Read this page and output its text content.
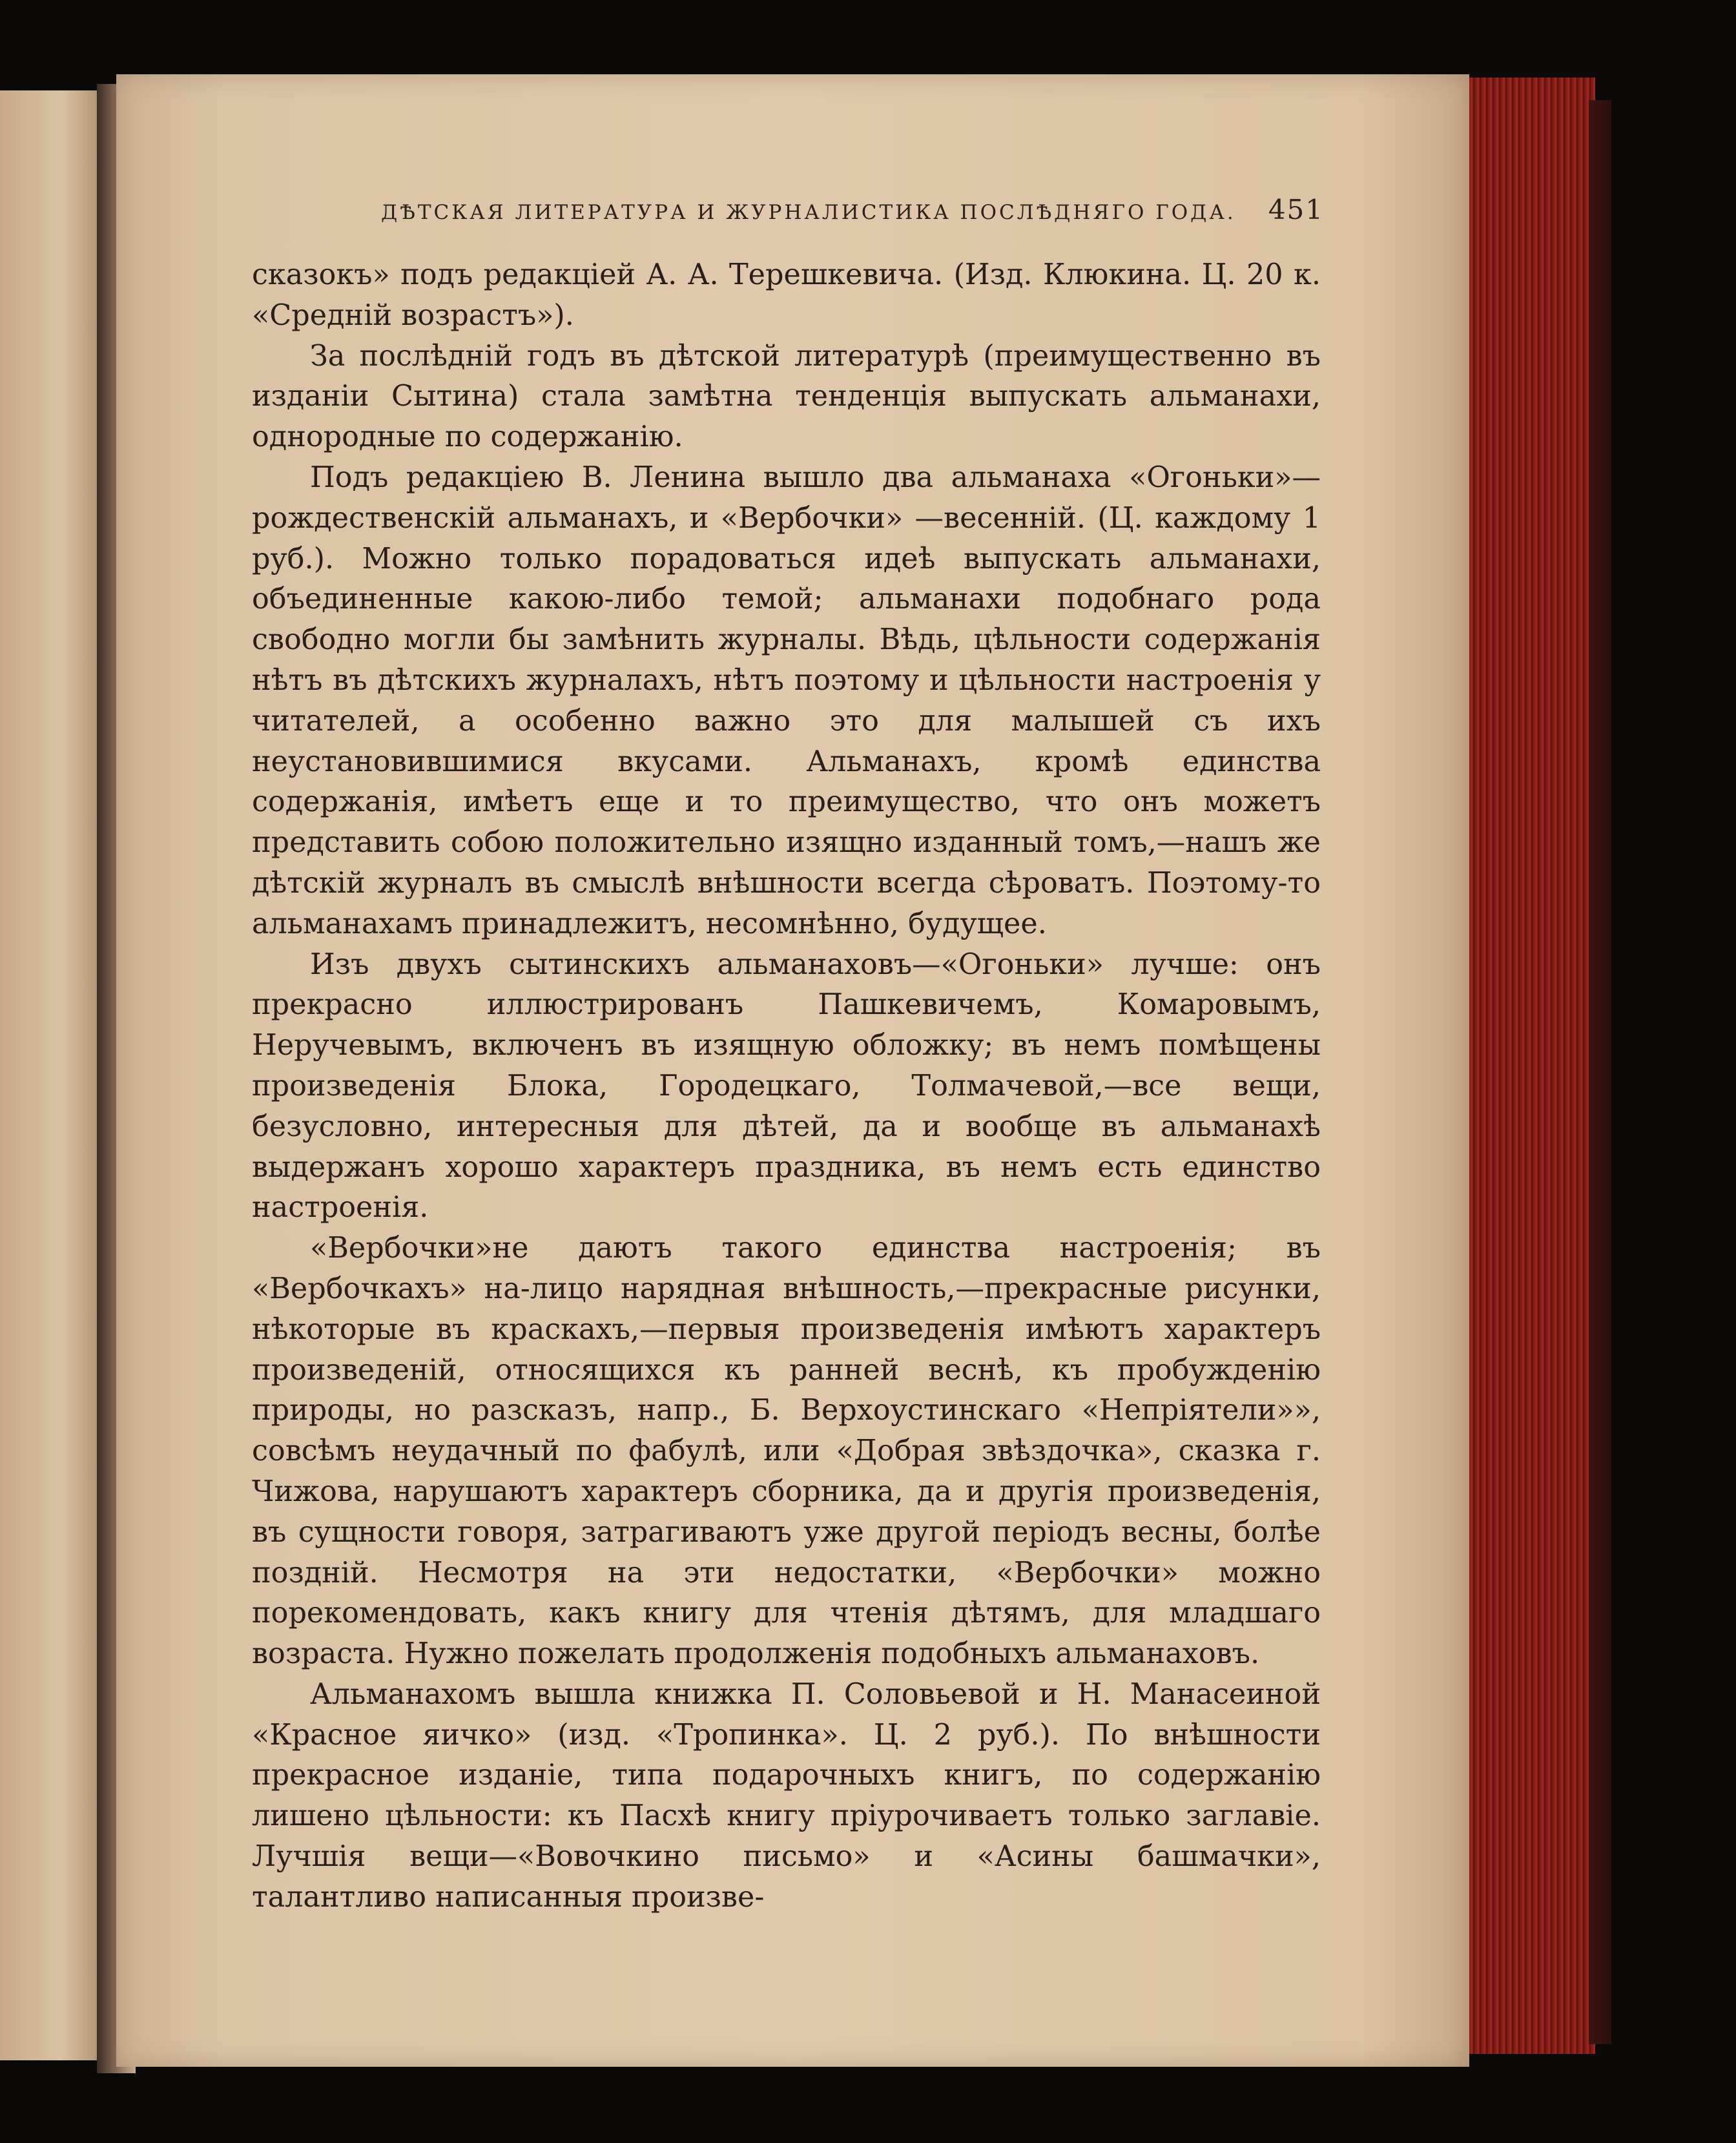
ДѢТСКАЯ ЛИТЕРАТУРА И ЖУРНАЛИСТИКА ПОСЛѢДНЯГО ГОДА. 451

сказокъ» подъ редакціей А. А. Терешкевича. (Изд. Клюкина. Ц. 20 к. «Средній возрастъ»).

За послѣдній годъ въ дѣтской литературѣ (преимущественно въ изданіи Сытина) стала замѣтна тенденція выпускать альманахи, однородные по содержанію.

Подъ редакціею В. Ленина вышло два альманаха «Огоньки»—рождественскій альманахъ, и «Вербочки» —весенній. (Ц. каждому 1 руб.). Можно только порадоваться идеѣ выпускать альманахи, объединенные какою-либо темой; альманахи подобнаго рода свободно могли бы замѣнить журналы. Вѣдь, цѣльности содержанія нѣтъ въ дѣтскихъ журналахъ, нѣтъ поэтому и цѣльности настроенія у читателей, а особенно важно это для малышей съ ихъ неустановившимися вкусами. Альманахъ, кромѣ единства содержанія, имѣетъ еще и то преимущество, что онъ можетъ представить собою положительно изящно изданный томъ,—нашъ же дѣтскій журналъ въ смыслѣ внѣшности всегда сѣроватъ. Поэтому-то альманахамъ принадлежитъ, несомнѣнно, будущее.

Изъ двухъ сытинскихъ альманаховъ—«Огоньки» лучше: онъ прекрасно иллюстрированъ Пашкевичемъ, Комаровымъ, Неручевымъ, включенъ въ изящную обложку; въ немъ помѣщены произведенія Блока, Городецкаго, Толмачевой,—все вещи, безусловно, интересныя для дѣтей, да и вообще въ альманахѣ выдержанъ хорошо характеръ праздника, въ немъ есть единство настроенія.

«Вербочки»не даютъ такого единства настроенія; въ «Вербочкахъ» на-лицо нарядная внѣшность,—прекрасные рисунки, нѣкоторые въ краскахъ,—первыя произведенія имѣютъ характеръ произведеній, относящихся къ ранней веснѣ, къ пробужденію природы, но разсказъ, напр., Б. Верхоустинскаго «Непріятели»», совсѣмъ неудачный по фабулѣ, или «Добрая звѣздочка», сказка г. Чижова, нарушаютъ характеръ сборника, да и другія произведенія, въ сущности говоря, затрагиваютъ уже другой періодъ весны, болѣе поздній. Несмотря на эти недостатки, «Вербочки» можно порекомендовать, какъ книгу для чтенія дѣтямъ, для младшаго возраста. Нужно пожелать продолженія подобныхъ альмaнаховъ.

Альманахомъ вышла книжка П. Соловьевой и Н. Манасеиной «Красное яичко» (изд. «Тропинка». Ц. 2 руб.). По внѣшности прекрасное изданіе, типа подарочныхъ книгъ, по содержанію лишено цѣльности: къ Пасхѣ книгу пріурочиваетъ только заглавіе. Лучшія вещи—«Вовочкино письмо» и «Асины башмачки», талантливо написанныя произве-
